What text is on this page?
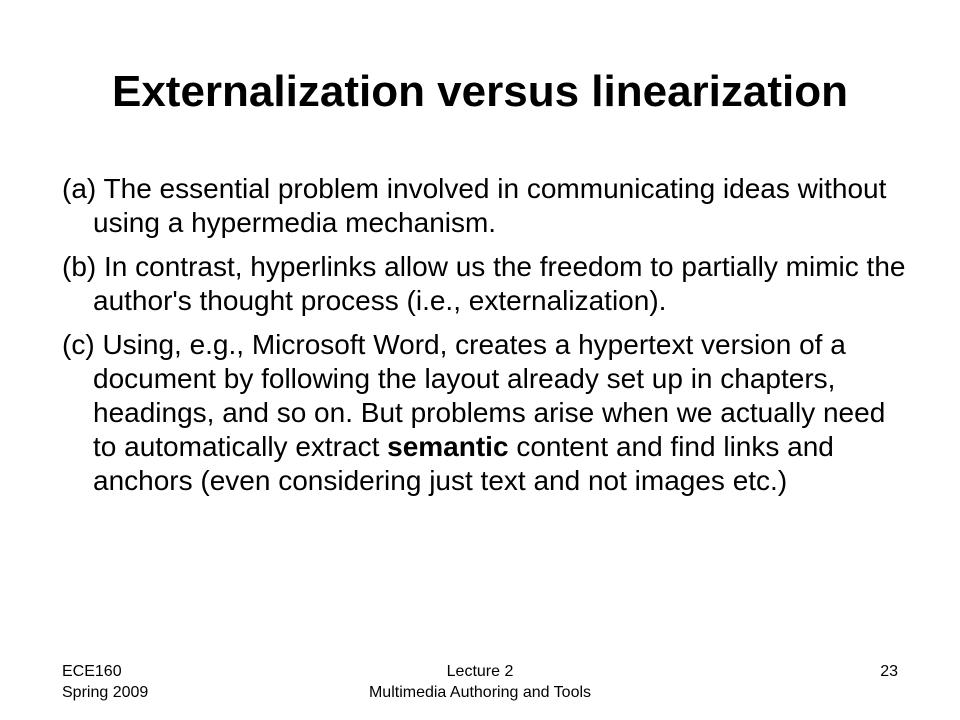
Externalization versus linearization
(a) The essential problem involved in communicating ideas without using a hypermedia mechanism.
(b) In contrast, hyperlinks allow us the freedom to partially mimic the author's thought process (i.e., externalization).
(c) Using, e.g., Microsoft Word, creates a hypertext version of a document by following the layout already set up in chapters, headings, and so on. But problems arise when we actually need to automatically extract semantic content and find links and anchors (even considering just text and not images etc.)
ECE160
Spring 2009
Lecture 2
Multimedia Authoring and Tools
23
